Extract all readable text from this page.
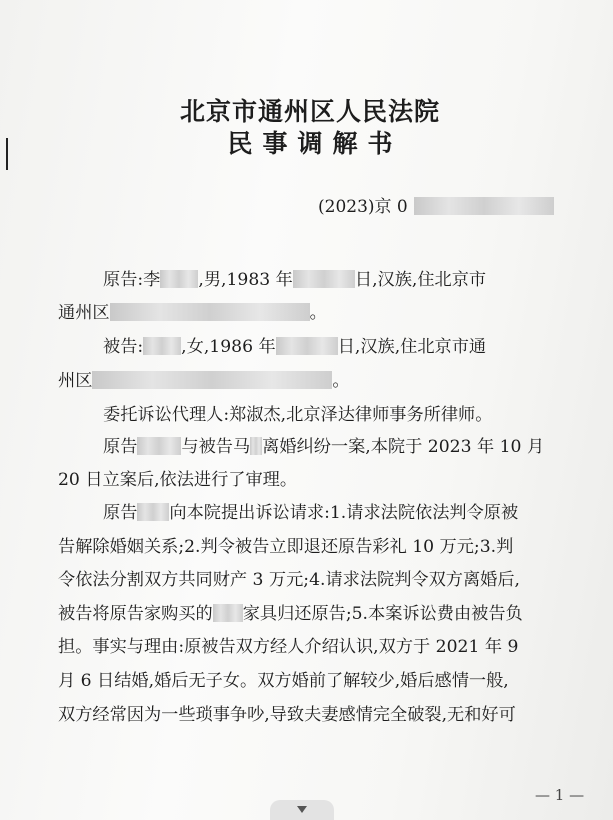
北京市通州区人民法院
民事调解书
(2023)京 0
原告:李 ,男,1983 年	日,汉族,住北京市
通州区	。
被告: ,女,1986 年	日,汉族,住北京市通
州区	。
委托诉讼代理人:郑淑杰,北京泽达律师事务所律师。
原告	与被告马 离婚纠纷一案,本院于 2023 年 10 月
20 日立案后,依法进行了审理。
原告 向本院提出诉讼请求:1.请求法院依法判令原被
告解除婚姻关系;2.判令被告立即退还原告彩礼 10 万元;3.判
令依法分割双方共同财产 3 万元;4.请求法院判令双方离婚后,
被告将原告家购买的 家具归还原告;5.本案诉讼费由被告负
担。事实与理由:原被告双方经人介绍认识,双方于 2021 年 9
月 6 日结婚,婚后无子女。双方婚前了解较少,婚后感情一般,
双方经常因为一些琐事争吵,导致夫妻感情完全破裂,无和好可
— 1 —
